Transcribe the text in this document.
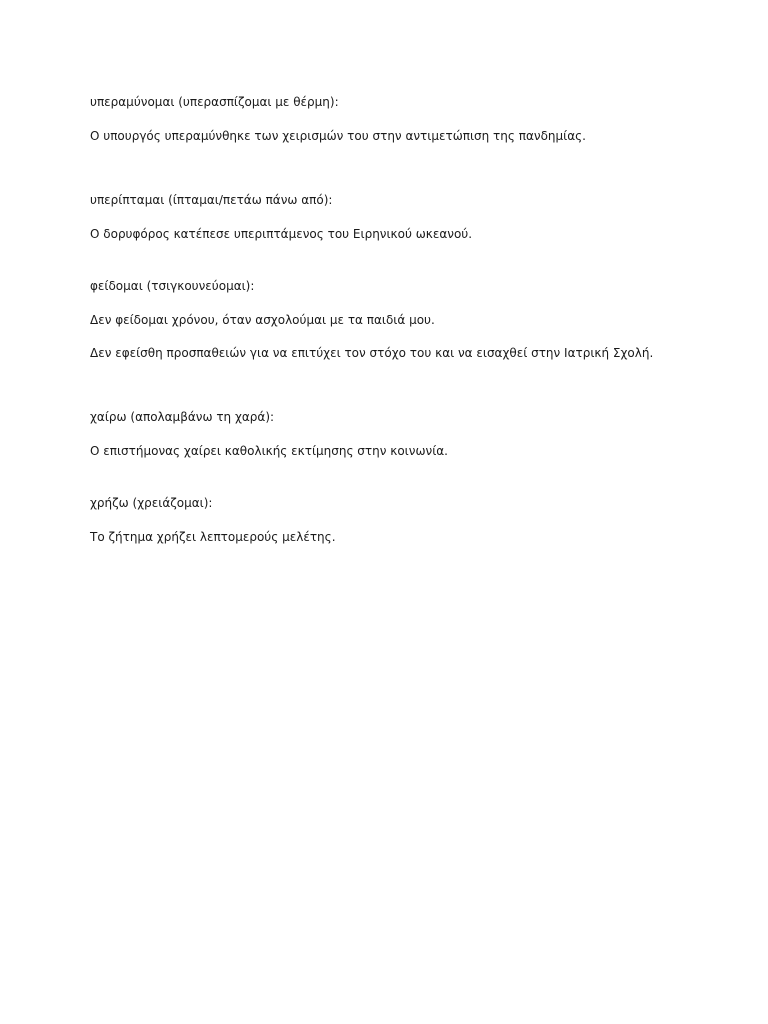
υπεραμύνομαι (υπερασπίζομαι με θέρμη):

Ο υπουργός υπεραμύνθηκε των χειρισμών του στην αντιμετώπιση της πανδημίας.

υπερίπταμαι (ίπταμαι/πετάω πάνω από):

Ο δορυφόρος κατέπεσε υπεριπτάμενος του Ειρηνικού ωκεανού.

φείδομαι (τσιγκουνεύομαι):

Δεν φείδομαι χρόνου, όταν ασχολούμαι με τα παιδιά μου.

Δεν εφείσθη προσπαθειών για να επιτύχει τον στόχο του και να εισαχθεί στην Ιατρική Σχολή.

χαίρω (απολαμβάνω τη χαρά):

Ο επιστήμονας χαίρει καθολικής εκτίμησης στην κοινωνία.

χρήζω (χρειάζομαι):

Το ζήτημα χρήζει λεπτομερούς μελέτης.
